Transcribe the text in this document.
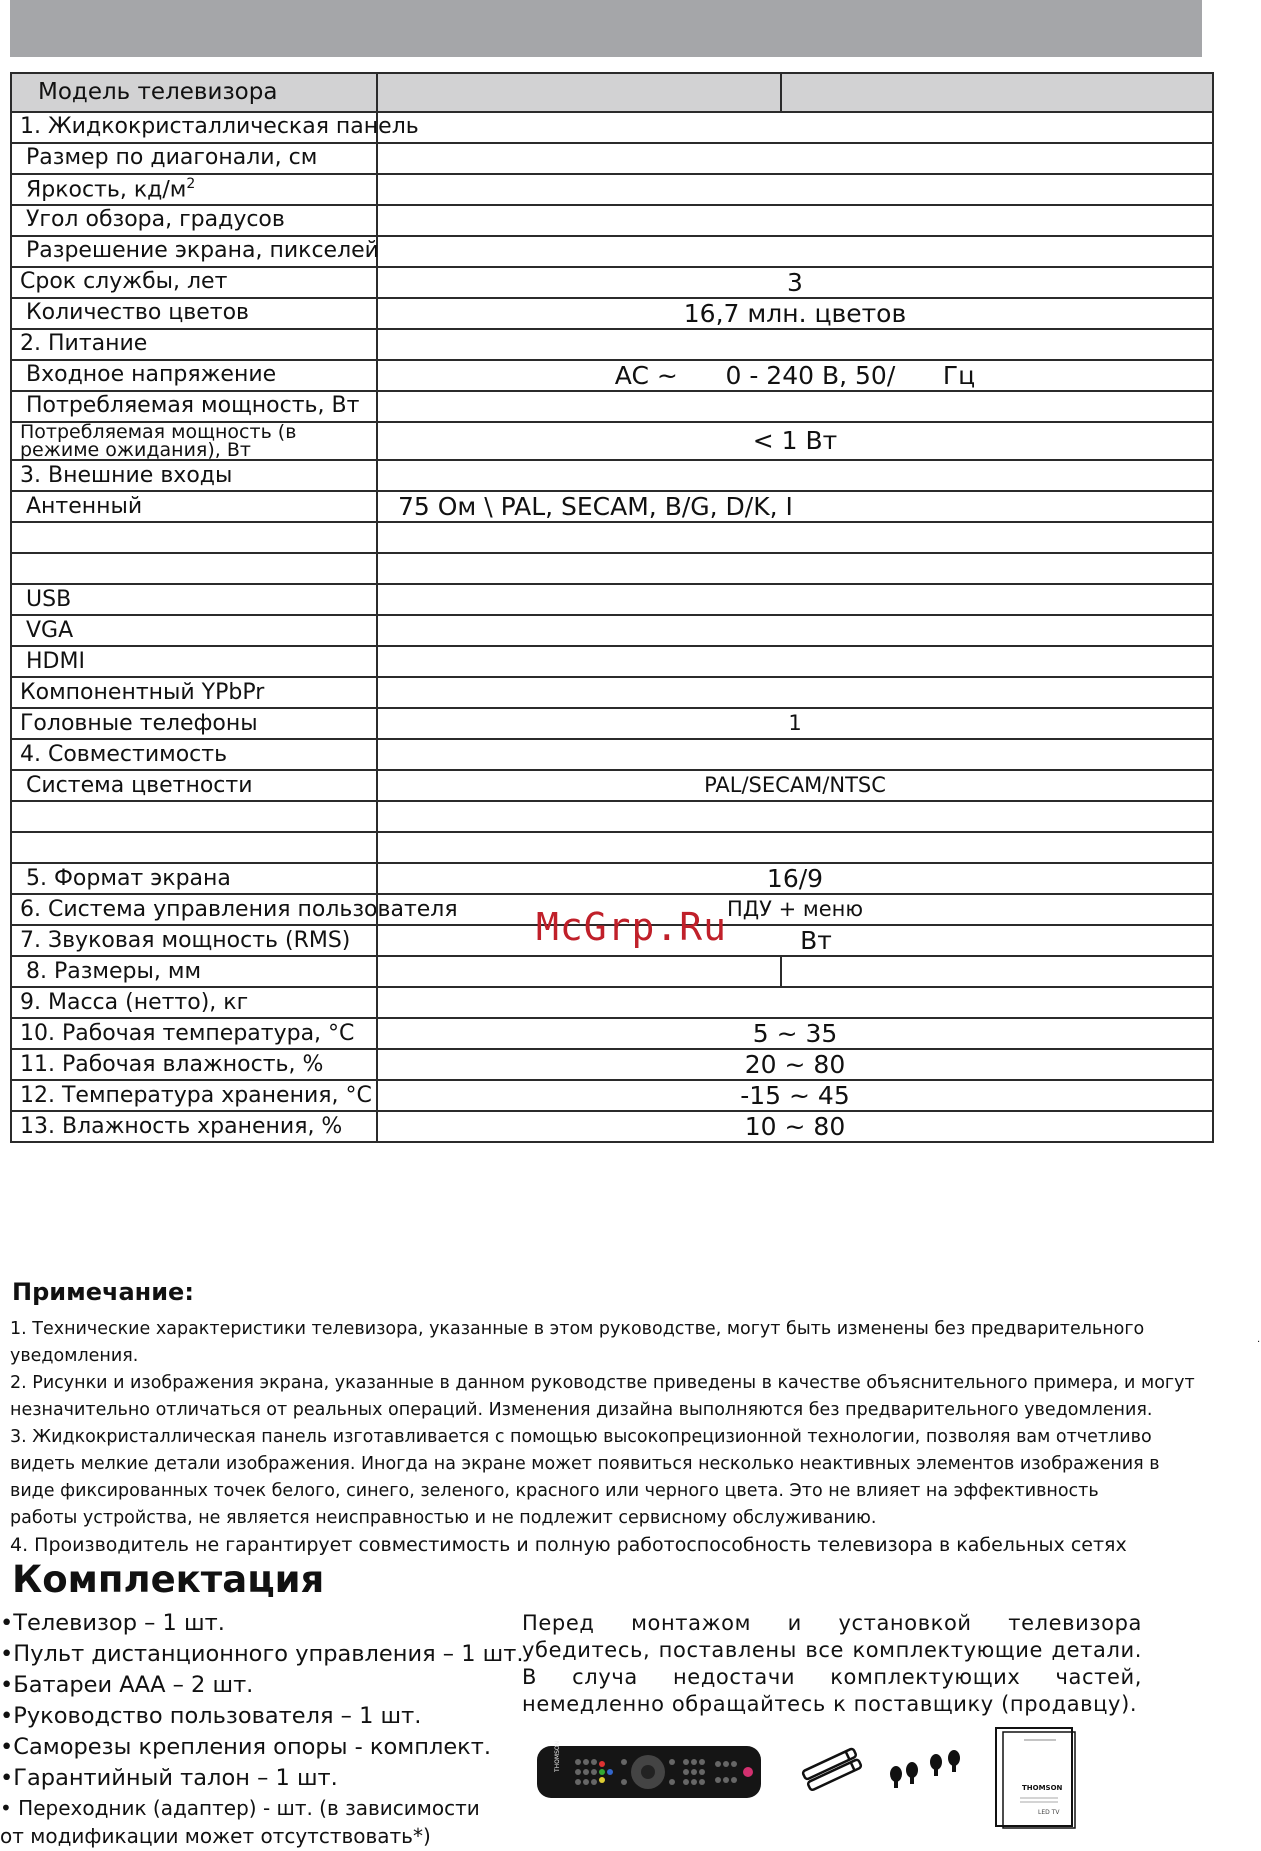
Модель телевизора		
1. Жидкокристаллическая панель		
Размер по диагонали, см		
Яркость, $кд/м^2$	
Угол обзора, градусов		
Разрешение экрана, пикселей		
Срок службы, лет	3	
Количество цветов	16,7 млн. цветов	
2. Питание		
Входное напряжение	AC ~      0 - 240 В, 50/      Гц	
Потребляемая мощность, Вт		
Потребляемая мощность (в режиме ожидания), Вт	< 1 Вт	
3. Внешние входы		
Антенный	75 Ом \ PAL, SECAM, B/G, D/K, I	

USB		
VGA		
HDMI		
Компонентный YPbPr		
Головные телефоны	1	
4. Совместимость		
Система цветности	PAL/SECAM/NTSC	

5. Формат экрана	16/9	
6. Система управления пользователя	ПДУ + меню	
7. Звуковая мощность (RMS)	Вт	
8. Размеры, мм		
9. Масса (нетто), кг		
10. Рабочая температура, °С	5 ~ 35	
11. Рабочая влажность, %	20 ~ 80	
12. Температура хранения, °С	-15 ~ 45	
13. Влажность хранения, %	10 ~ 80	
McGrp.Ru
Примечание:

1. Технические характеристики телевизора, указанные в этом руководстве, могут быть изменены без предварительного уведомления.

2. Рисунки и изображения экрана, указанные в данном руководстве приведены в качестве объяснительного примера, и могут

незначительно отличаться от реальных операций. Изменения дизайна выполняются без предварительного уведомления.

3. Жидкокристаллическая панель изготавливается с помощью высокопрецизионной технологии, позволяя вам отчетливо

видеть мелкие детали изображения. Иногда на экране может появиться несколько неактивных элементов изображения в

виде фиксированных точек белого, синего, зеленого, красного или черного цвета. Это не влияет на эффективность

работы устройства, не является неисправностью и не подлежит сервисному обслуживанию.

4. Производитель не гарантирует совместимость и полную работоспособность телевизора в кабельных сетях

.
Комплектация
•Телевизор – 1 шт.
•Пульт дистанционного управления – 1 шт.
•Батареи ААА – 2 шт.
•Руководство пользователя – 1 шт.
•Саморезы крепления опоры - комплект.
•Гарантийный талон – 1 шт.
• Переходник (адаптер) - шт. (в зависимости
от модификации может отсутствовать*)
Перед монтажом и установкой телевизора убедитесь, поставлены все комплектующие детали. В случа недостачи комплектующих частей, немедленно обращайтесь к поставщику (продавцу).
THOMSON
THOMSON
LED TV
